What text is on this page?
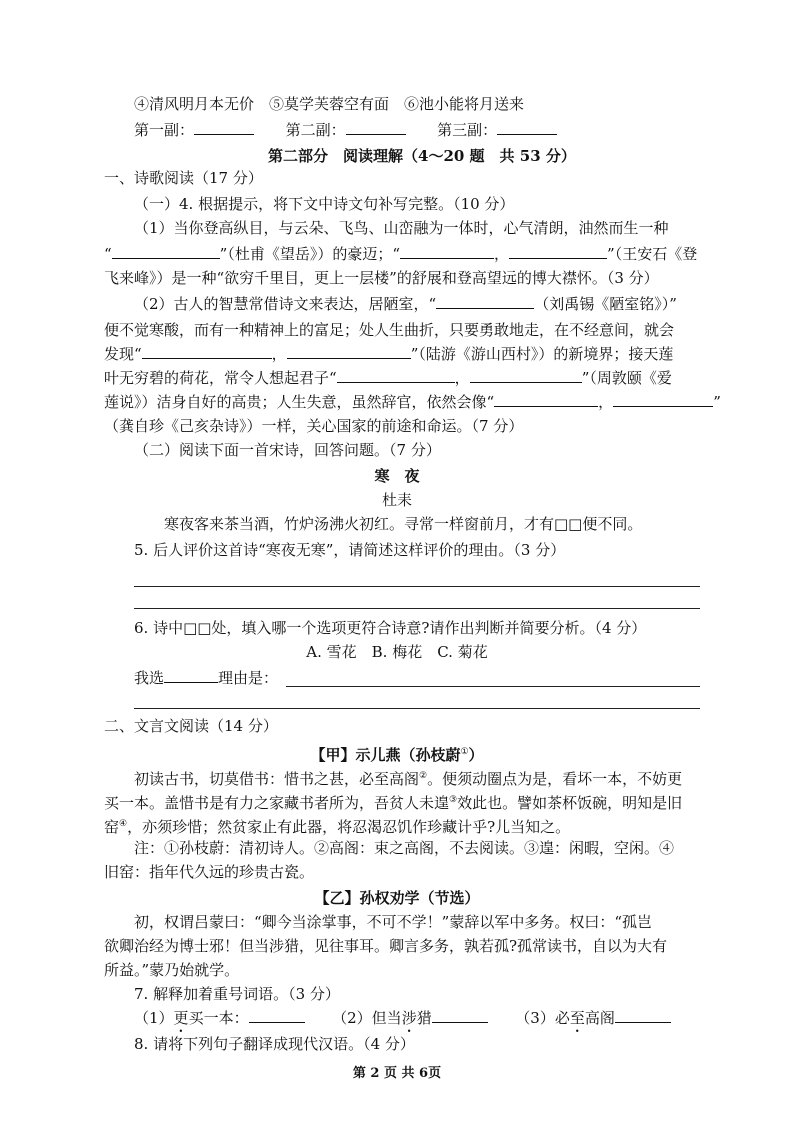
④清风明月本无价　⑤莫学芙蓉空有面　⑥池小能将月送来
第一副：	第二副：	第三副：
第二部分　阅读理解（4～20 题　共 53 分）
一、诗歌阅读（17 分）
（一）4. 根据提示，将下文中诗文句补写完整。（10 分）
（1）当你登高纵目，与云朵、飞鸟、山峦融为一体时，心气清朗，油然而生一种
“	”（杜甫《望岳》）的豪迈；“	，	”（王安石《登
飞来峰》）是一种“欲穷千里目，更上一层楼”的舒展和登高望远的博大襟怀。（3 分）
（2）古人的智慧常借诗文来表达，居陋室，“	（刘禹锡《陋室铭》）”
便不觉寒酸，而有一种精神上的富足；处人生曲折，只要勇敢地走，在不经意间，就会
发现“	，	”（陆游《游山西村》）的新境界；接天莲
叶无穷碧的荷花，常令人想起君子“	，	”（周敦颐《爱
莲说》）洁身自好的高贵；人生失意，虽然辞官，依然会像“	，	”
（龚自珍《己亥杂诗》）一样，关心国家的前途和命运。（7 分）
（二）阅读下面一首宋诗，回答问题。（7 分）
寒　夜
杜耒
寒夜客来茶当酒，竹炉汤沸火初红。寻常一样窗前月，才有□□便不同。
5. 后人评价这首诗“寒夜无寒”，请简述这样评价的理由。（3 分）
6. 诗中□□处，填入哪一个选项更符合诗意?请作出判断并简要分析。（4 分）
A. 雪花　B. 梅花　C. 菊花
我选	理由是：
二、文言文阅读（14 分）
【甲】示儿燕（孙枝蔚①）
初读古书，切莫借书：惜书之甚，必至高阁②。便须动圈点为是，看坏一本，不妨更
买一本。盖惜书是有力之家藏书者所为，吾贫人未遑③效此也。譬如茶杯饭碗，明知是旧
窑④，亦须珍惜；然贫家止有此器，将忍渴忍饥作珍藏计乎?儿当知之。
注：①孙枝蔚：清初诗人。②高阁：束之高阁，不去阅读。③遑：闲暇，空闲。④
旧窑：指年代久远的珍贵古瓷。
【乙】孙权劝学（节选）
初，权谓吕蒙曰：“卿今当涂掌事，不可不学！”蒙辞以军中多务。权曰：“孤岂
欲卿治经为博士邪！但当涉猎，见往事耳。卿言多务，孰若孤?孤常读书，自以为大有
所益。”蒙乃始就学。
7. 解释加着重号词语。（3 分）
（1）更买一本：	（2）但当涉猎	（3）必至高阁
8. 请将下列句子翻译成现代汉语。（4 分）
第 2 页 共 6页
